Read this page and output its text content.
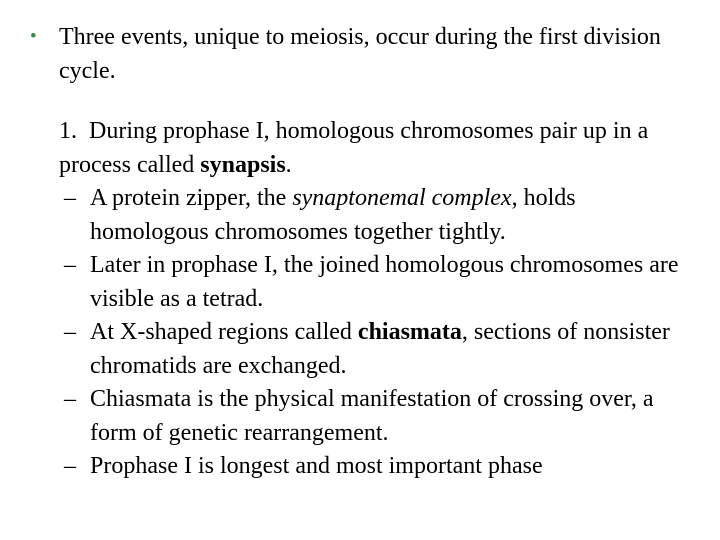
• Three events, unique to meiosis, occur during the first division cycle.

1. During prophase I, homologous chromosomes pair up in a process called synapsis.

– A protein zipper, the synaptonemal complex, holds homologous chromosomes together tightly.
– Later in prophase I, the joined homologous chromosomes are visible as a tetrad.
– At X-shaped regions called chiasmata, sections of nonsister chromatids are exchanged.
– Chiasmata is the physical manifestation of crossing over, a form of genetic rearrangement.
– Prophase I is longest and most important phase
